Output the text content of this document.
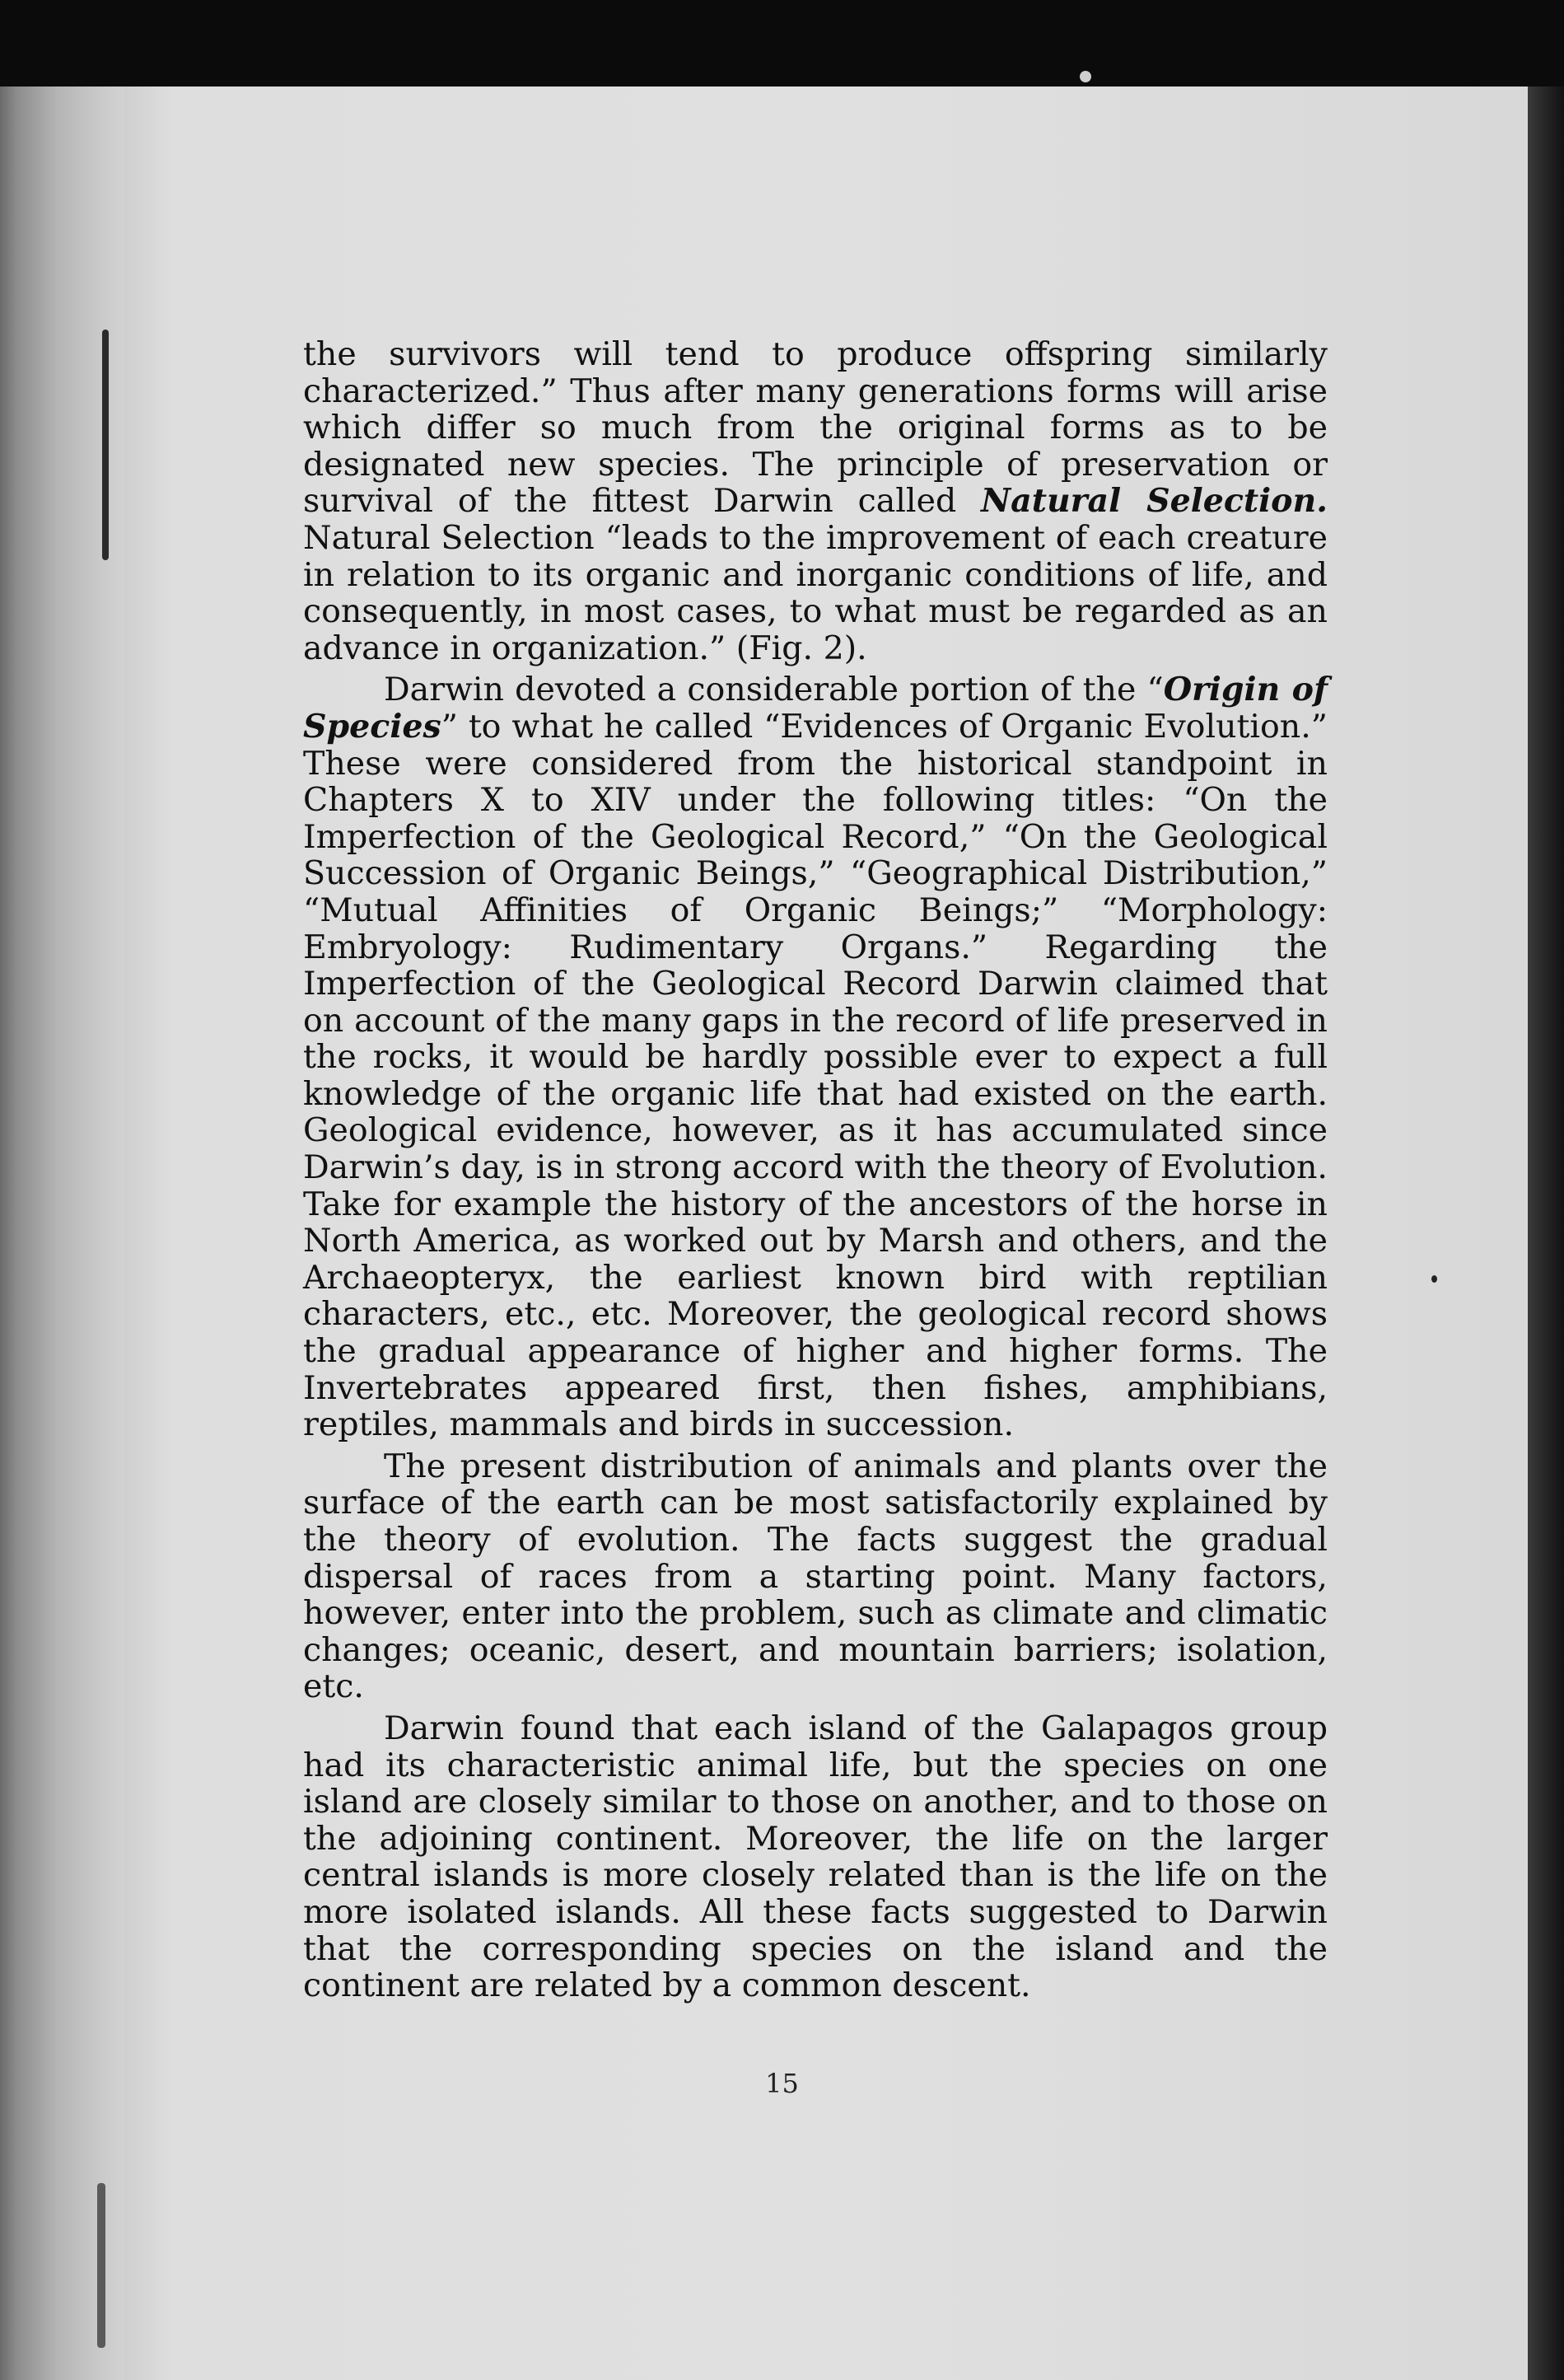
the survivors will tend to produce offspring similarly characterized.” Thus after many generations forms will arise which differ so much from the original forms as to be designated new species. The principle of preservation or survival of the fittest Darwin called Natural Selection. Natural Selection “leads to the improvement of each creature in relation to its organic and inorganic conditions of life, and consequently, in most cases, to what must be regarded as an advance in organization.” (Fig. 2).

Darwin devoted a considerable portion of the “Origin of Species” to what he called “Evidences of Organic Evolution.” These were considered from the historical standpoint in Chapters X to XIV under the following titles: “On the Imperfection of the Geological Record,” “On the Geological Succession of Organic Beings,” “Geographical Distribution,” “Mutual Affinities of Organic Beings;” “Morphology: Embryology: Rudimentary Organs.” Regarding the Imperfection of the Geological Record Darwin claimed that on account of the many gaps in the record of life preserved in the rocks, it would be hardly possible ever to expect a full knowledge of the organic life that had existed on the earth. Geological evidence, however, as it has accumulated since Darwin’s day, is in strong accord with the theory of Evolution. Take for example the history of the ancestors of the horse in North America, as worked out by Marsh and others, and the Archaeopteryx, the earliest known bird with reptilian characters, etc., etc. Moreover, the geological record shows the gradual appearance of higher and higher forms. The Invertebrates appeared first, then fishes, amphibians, reptiles, mammals and birds in succession.

The present distribution of animals and plants over the surface of the earth can be most satisfactorily explained by the theory of evolution. The facts suggest the gradual dispersal of races from a starting point. Many factors, however, enter into the problem, such as climate and climatic changes; oceanic, desert, and mountain barriers; isolation, etc.

Darwin found that each island of the Galapagos group had its characteristic animal life, but the species on one island are closely similar to those on another, and to those on the adjoining continent. Moreover, the life on the larger central islands is more closely related than is the life on the more isolated islands. All these facts suggested to Darwin that the corresponding species on the island and the continent are related by a common descent.

15
